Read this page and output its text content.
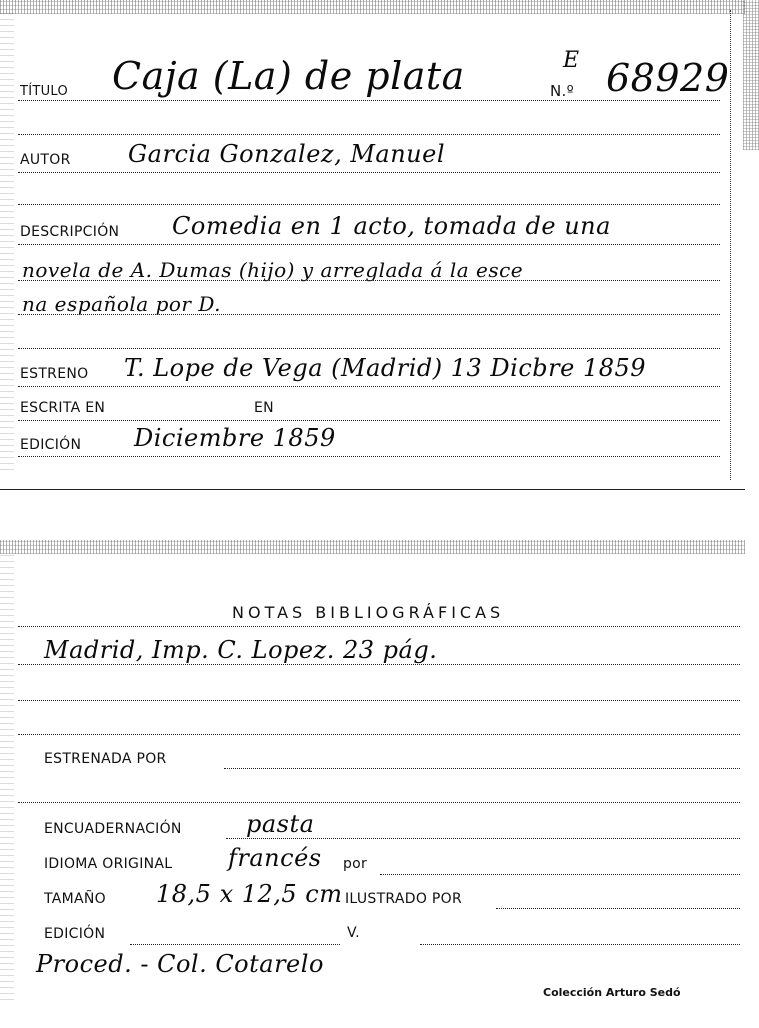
TÍTULO Caja (La) de plata	E
N.º 68929
AUTOR Garcia Gonzalez, Manuel
DESCRIPCIÓN Comedia en 1 acto, tomada de una
novela de A. Dumas (hijo) y arreglada á la esce
na española por D.
ESTRENO T. Lope de Vega (Madrid) 13 Dicbre 1859
ESCRITA EN	EN
EDICIÓN Diciembre 1859
NOTAS BIBLIOGRÁFICAS
Madrid, Imp. C. Lopez. 23 pág.
ESTRENADA POR
ENCUADERNACIÓN	pasta
IDIOMA ORIGINAL francés por
TAMAÑO 18,5 x 12,5 cm ILUSTRADO POR
EDICIÓN	V.
Proced. - Col. Cotarelo
Colección Arturo Sedó
